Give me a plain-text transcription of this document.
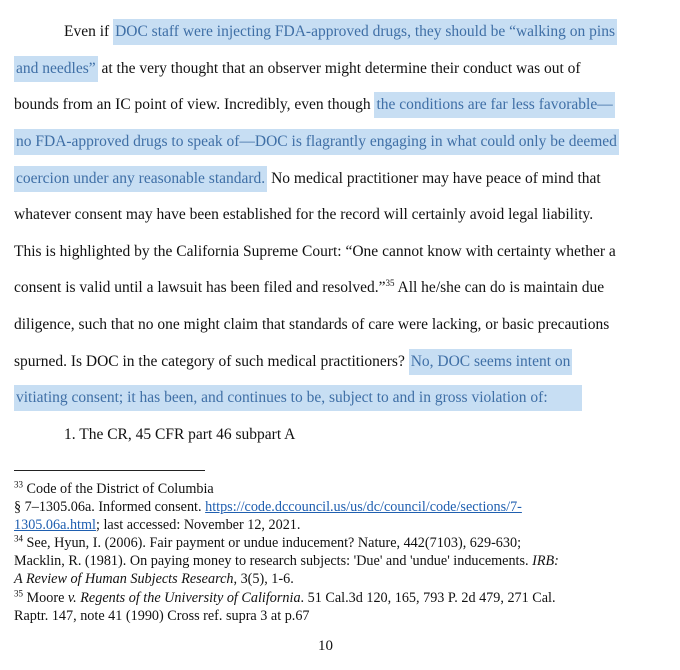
Even if DOC staff were injecting FDA-approved drugs, they should be “walking on pins
and needles” at the very thought that an observer might determine their conduct was out of
bounds from an IC point of view. Incredibly, even though the conditions are far less favorable—
no FDA-approved drugs to speak of—DOC is flagrantly engaging in what could only be deemed
coercion under any reasonable standard. No medical practitioner may have peace of mind that
whatever consent may have been established for the record will certainly avoid legal liability.
This is highlighted by the California Supreme Court: “One cannot know with certainty whether a
consent is valid until a lawsuit has been filed and resolved.”$^{35}$ All he/she can do is maintain due
diligence, such that no one might claim that standards of care were lacking, or basic precautions
spurned. Is DOC in the category of such medical practitioners? No, DOC seems intent on
vitiating consent; it has been, and continues to be, subject to and in gross violation of:
1. The CR, 45 CFR part 46 subpart A
$^{33}$ Code of the District of Columbia
§ 7–1305.06a. Informed consent. https://code.dccouncil.us/us/dc/council/code/sections/7-
1305.06a.html; last accessed: November 12, 2021.
$^{34}$ See, Hyun, I. (2006). Fair payment or undue inducement? Nature, 442(7103), 629-630;
Macklin, R. (1981). On paying money to research subjects: 'Due' and 'undue' inducements. IRB:
A Review of Human Subjects Research, 3(5), 1-6.
$^{35}$ Moore v. Regents of the University of California. 51 Cal.3d 120, 165, 793 P. 2d 479, 271 Cal.
Raptr. 147, note 41 (1990) Cross ref. supra 3 at p.67
10
